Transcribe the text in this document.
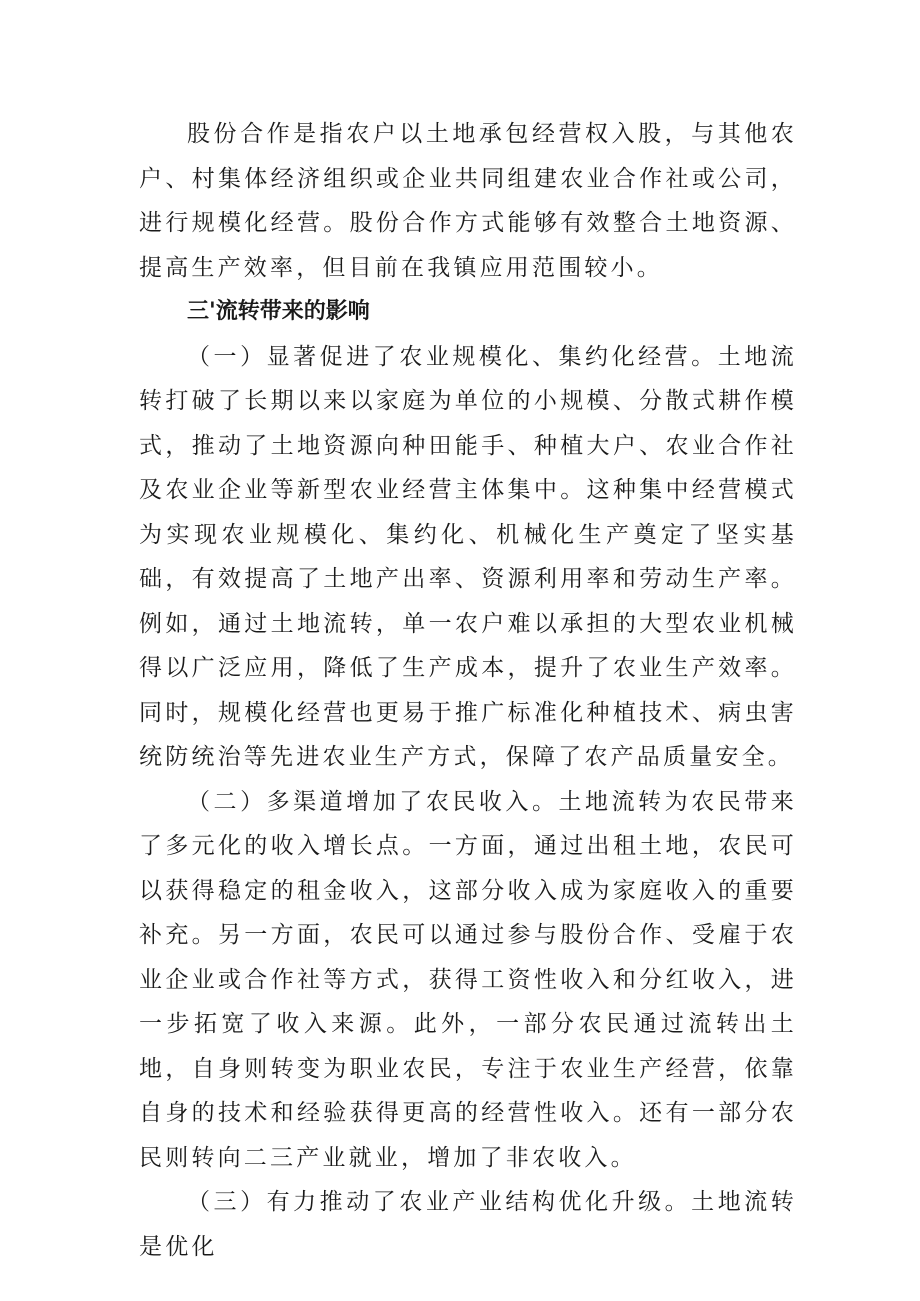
股份合作是指农户以土地承包经营权入股，与其他农户、村集体经济组织或企业共同组建农业合作社或公司，进行规模化经营。股份合作方式能够有效整合土地资源、提高生产效率，但目前在我镇应用范围较小。

三'流转带来的影响

（一）显著促进了农业规模化、集约化经营。土地流转打破了长期以来以家庭为单位的小规模、分散式耕作模式，推动了土地资源向种田能手、种植大户、农业合作社及农业企业等新型农业经营主体集中。这种集中经营模式为实现农业规模化、集约化、机械化生产奠定了坚实基础，有效提高了土地产出率、资源利用率和劳动生产率。例如，通过土地流转，单一农户难以承担的大型农业机械得以广泛应用，降低了生产成本，提升了农业生产效率。同时，规模化经营也更易于推广标准化种植技术、病虫害统防统治等先进农业生产方式，保障了农产品质量安全。

（二）多渠道增加了农民收入。土地流转为农民带来了多元化的收入增长点。一方面，通过出租土地，农民可以获得稳定的租金收入，这部分收入成为家庭收入的重要补充。另一方面，农民可以通过参与股份合作、受雇于农业企业或合作社等方式，获得工资性收入和分红收入，进一步拓宽了收入来源。此外，一部分农民通过流转出土地，自身则转变为职业农民，专注于农业生产经营，依靠自身的技术和经验获得更高的经营性收入。还有一部分农民则转向二三产业就业，增加了非农收入。

（三）有力推动了农业产业结构优化升级。土地流转是优化
